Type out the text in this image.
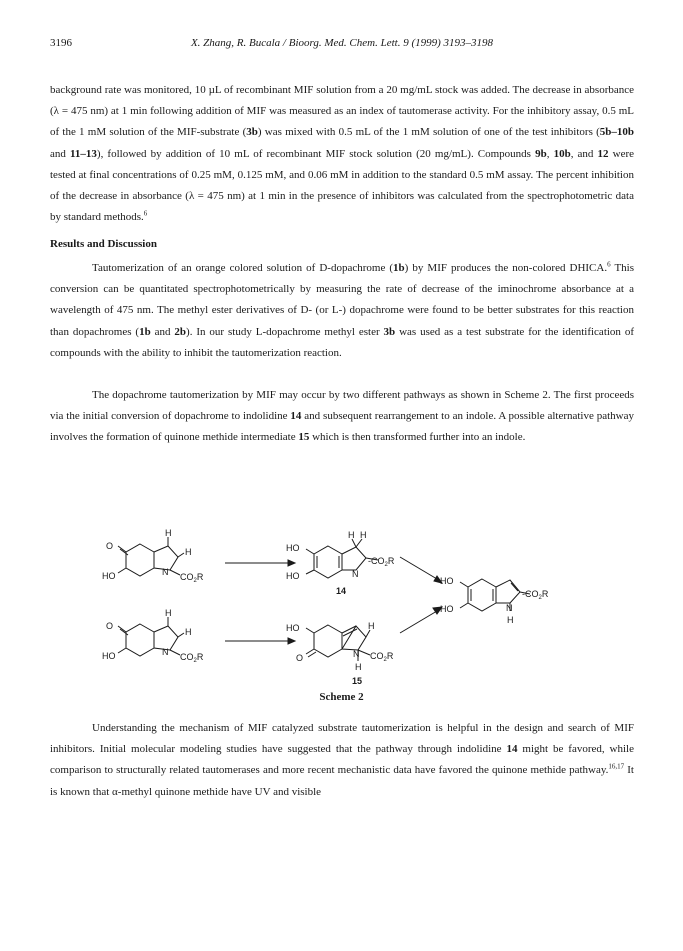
3196	X. Zhang, R. Bucala / Bioorg. Med. Chem. Lett. 9 (1999) 3193–3198

background rate was monitored, 10 µL of recombinant MIF solution from a 20 mg/mL stock was added. The decrease in absorbance (λ = 475 nm) at 1 min following addition of MIF was measured as an index of tautomerase activity. For the inhibitory assay, 0.5 mL of the 1 mM solution of the MIF-substrate (3b) was mixed with 0.5 mL of the 1 mM solution of one of the test inhibitors (5b–10b and 11–13), followed by addition of 10 mL of recombinant MIF stock solution (20 mg/mL). Compounds 9b, 10b, and 12 were tested at final concentrations of 0.25 mM, 0.125 mM, and 0.06 mM in addition to the standard 0.5 mM assay. The percent inhibition of the decrease in absorbance (λ = 475 nm) at 1 min in the presence of inhibitors was calculated from the spectrophotometric data by standard methods.$^6$

Results and Discussion

Tautomerization of an orange colored solution of D-dopachrome (1b) by MIF produces the non-colored DHICA.$^6$ This conversion can be quantitated spectrophotometrically by measuring the rate of decrease of the iminochrome absorbance at a wavelength of 475 nm. The methyl ester derivatives of D- (or L-) dopachrome were found to be better substrates for this reaction than dopachromes (1b and 2b). In our study L-dopachrome methyl ester 3b was used as a test substrate for the identification of compounds with the ability to inhibit the tautomerization reaction.

The dopachrome tautomerization by MIF may occur by two different pathways as shown in Scheme 2. The first proceeds via the initial conversion of dopachrome to indolidine 14 and subsequent rearrangement to an indole. A possible alternative pathway involves the formation of quinone methide intermediate 15 which is then transformed further into an indole.

O
HO	N
H
H
$CO_2R$
HO
HO	N
H H
$-CO_2R$
14
HO
HO	N
H
$-CO_2R$
O
HO	N
H
H
$CO_2R$
HO
O	N
H
H
$CO_2R$
15
Scheme 2

Understanding the mechanism of MIF catalyzed substrate tautomerization is helpful in the design and search of MIF inhibitors. Initial molecular modeling studies have suggested that the pathway through indolidine 14 might be favored, while comparison to structurally related tautomerases and more recent mechanistic data have favored the quinone methide pathway.$^{16,17}$ It is known that α-methyl quinone methide have UV and visible
